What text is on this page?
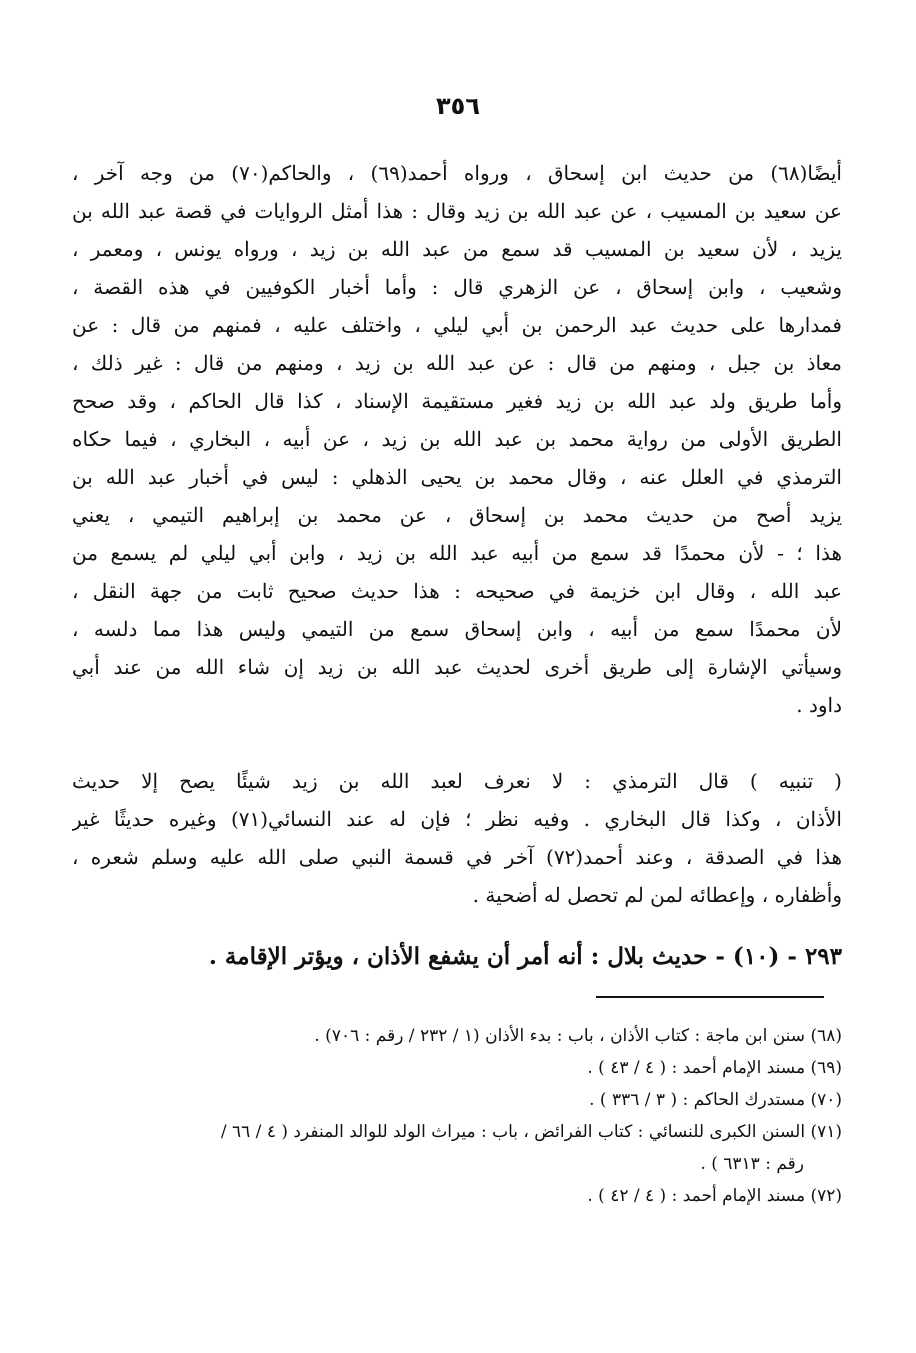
٣٥٦
أيضًا(٦٨) من حديث ابن إسحاق ، ورواه أحمد(٦٩) ، والحاكم(٧٠) من وجه آخر ،
عن سعيد بن المسيب ، عن عبد الله بن زيد وقال : هذا أمثل الروايات في قصة عبد الله بن
يزيد ، لأن سعيد بن المسيب قد سمع من عبد الله بن زيد ، ورواه يونس ، ومعمر ،
وشعيب ، وابن إسحاق ، عن الزهري قال : وأما أخبار الكوفيين في هذه القصة ،
فمدارها على حديث عبد الرحمن بن أبي ليلي ، واختلف عليه ، فمنهم من قال : عن
معاذ بن جبل ، ومنهم من قال : عن عبد الله بن زيد ، ومنهم من قال : غير ذلك ،
وأما طريق ولد عبد الله بن زيد فغير مستقيمة الإسناد ، كذا قال الحاكم ، وقد صحح
الطريق الأولى من رواية محمد بن عبد الله بن زيد ، عن أبيه ، البخاري ، فيما حكاه
الترمذي في العلل عنه ، وقال محمد بن يحيى الذهلي : ليس في أخبار عبد الله بن
يزيد أصح من حديث محمد بن إسحاق ، عن محمد بن إبراهيم التيمي ، يعني
هذا ؛ - لأن محمدًا قد سمع من أبيه عبد الله بن زيد ، وابن أبي ليلي لم يسمع من
عبد الله ، وقال ابن خزيمة في صحيحه : هذا حديث صحيح ثابت من جهة النقل ،
لأن محمدًا سمع من أبيه ، وابن إسحاق سمع من التيمي وليس هذا مما دلسه ،
وسيأتي الإشارة إلى طريق أخرى لحديث عبد الله بن زيد إن شاء الله من عند أبي
داود .
( تنبيه ) قال الترمذي : لا نعرف لعبد الله بن زيد شيئًا يصح إلا حديث
الأذان ، وكذا قال البخاري . وفيه نظر ؛ فإن له عند النسائي(٧١) وغيره حديثًا غير
هذا في الصدقة ، وعند أحمد(٧٢) آخر في قسمة النبي صلى الله عليه وسلم شعره ،
وأظفاره ، وإعطائه لمن لم تحصل له أضحية .
٢٩٣ - (١٠) - حديث بلال : أنه أمر أن يشفع الأذان ، ويؤتر الإقامة .
(٦٨) سنن ابن ماجة : كتاب الأذان ، باب : بدء الأذان (١ / ٢٣٢ / رقم : ٧٠٦) .
(٦٩) مسند الإمام أحمد : ( ٤ / ٤٣ ) .
(٧٠) مستدرك الحاكم : ( ٣ / ٣٣٦ ) .
(٧١) السنن الكبرى للنسائي : كتاب الفرائض ، باب : ميراث الولد للوالد المنفرد ( ٤ / ٦٦ /
رقم : ٦٣١٣ ) .
(٧٢) مسند الإمام أحمد : ( ٤ / ٤٢ ) .
